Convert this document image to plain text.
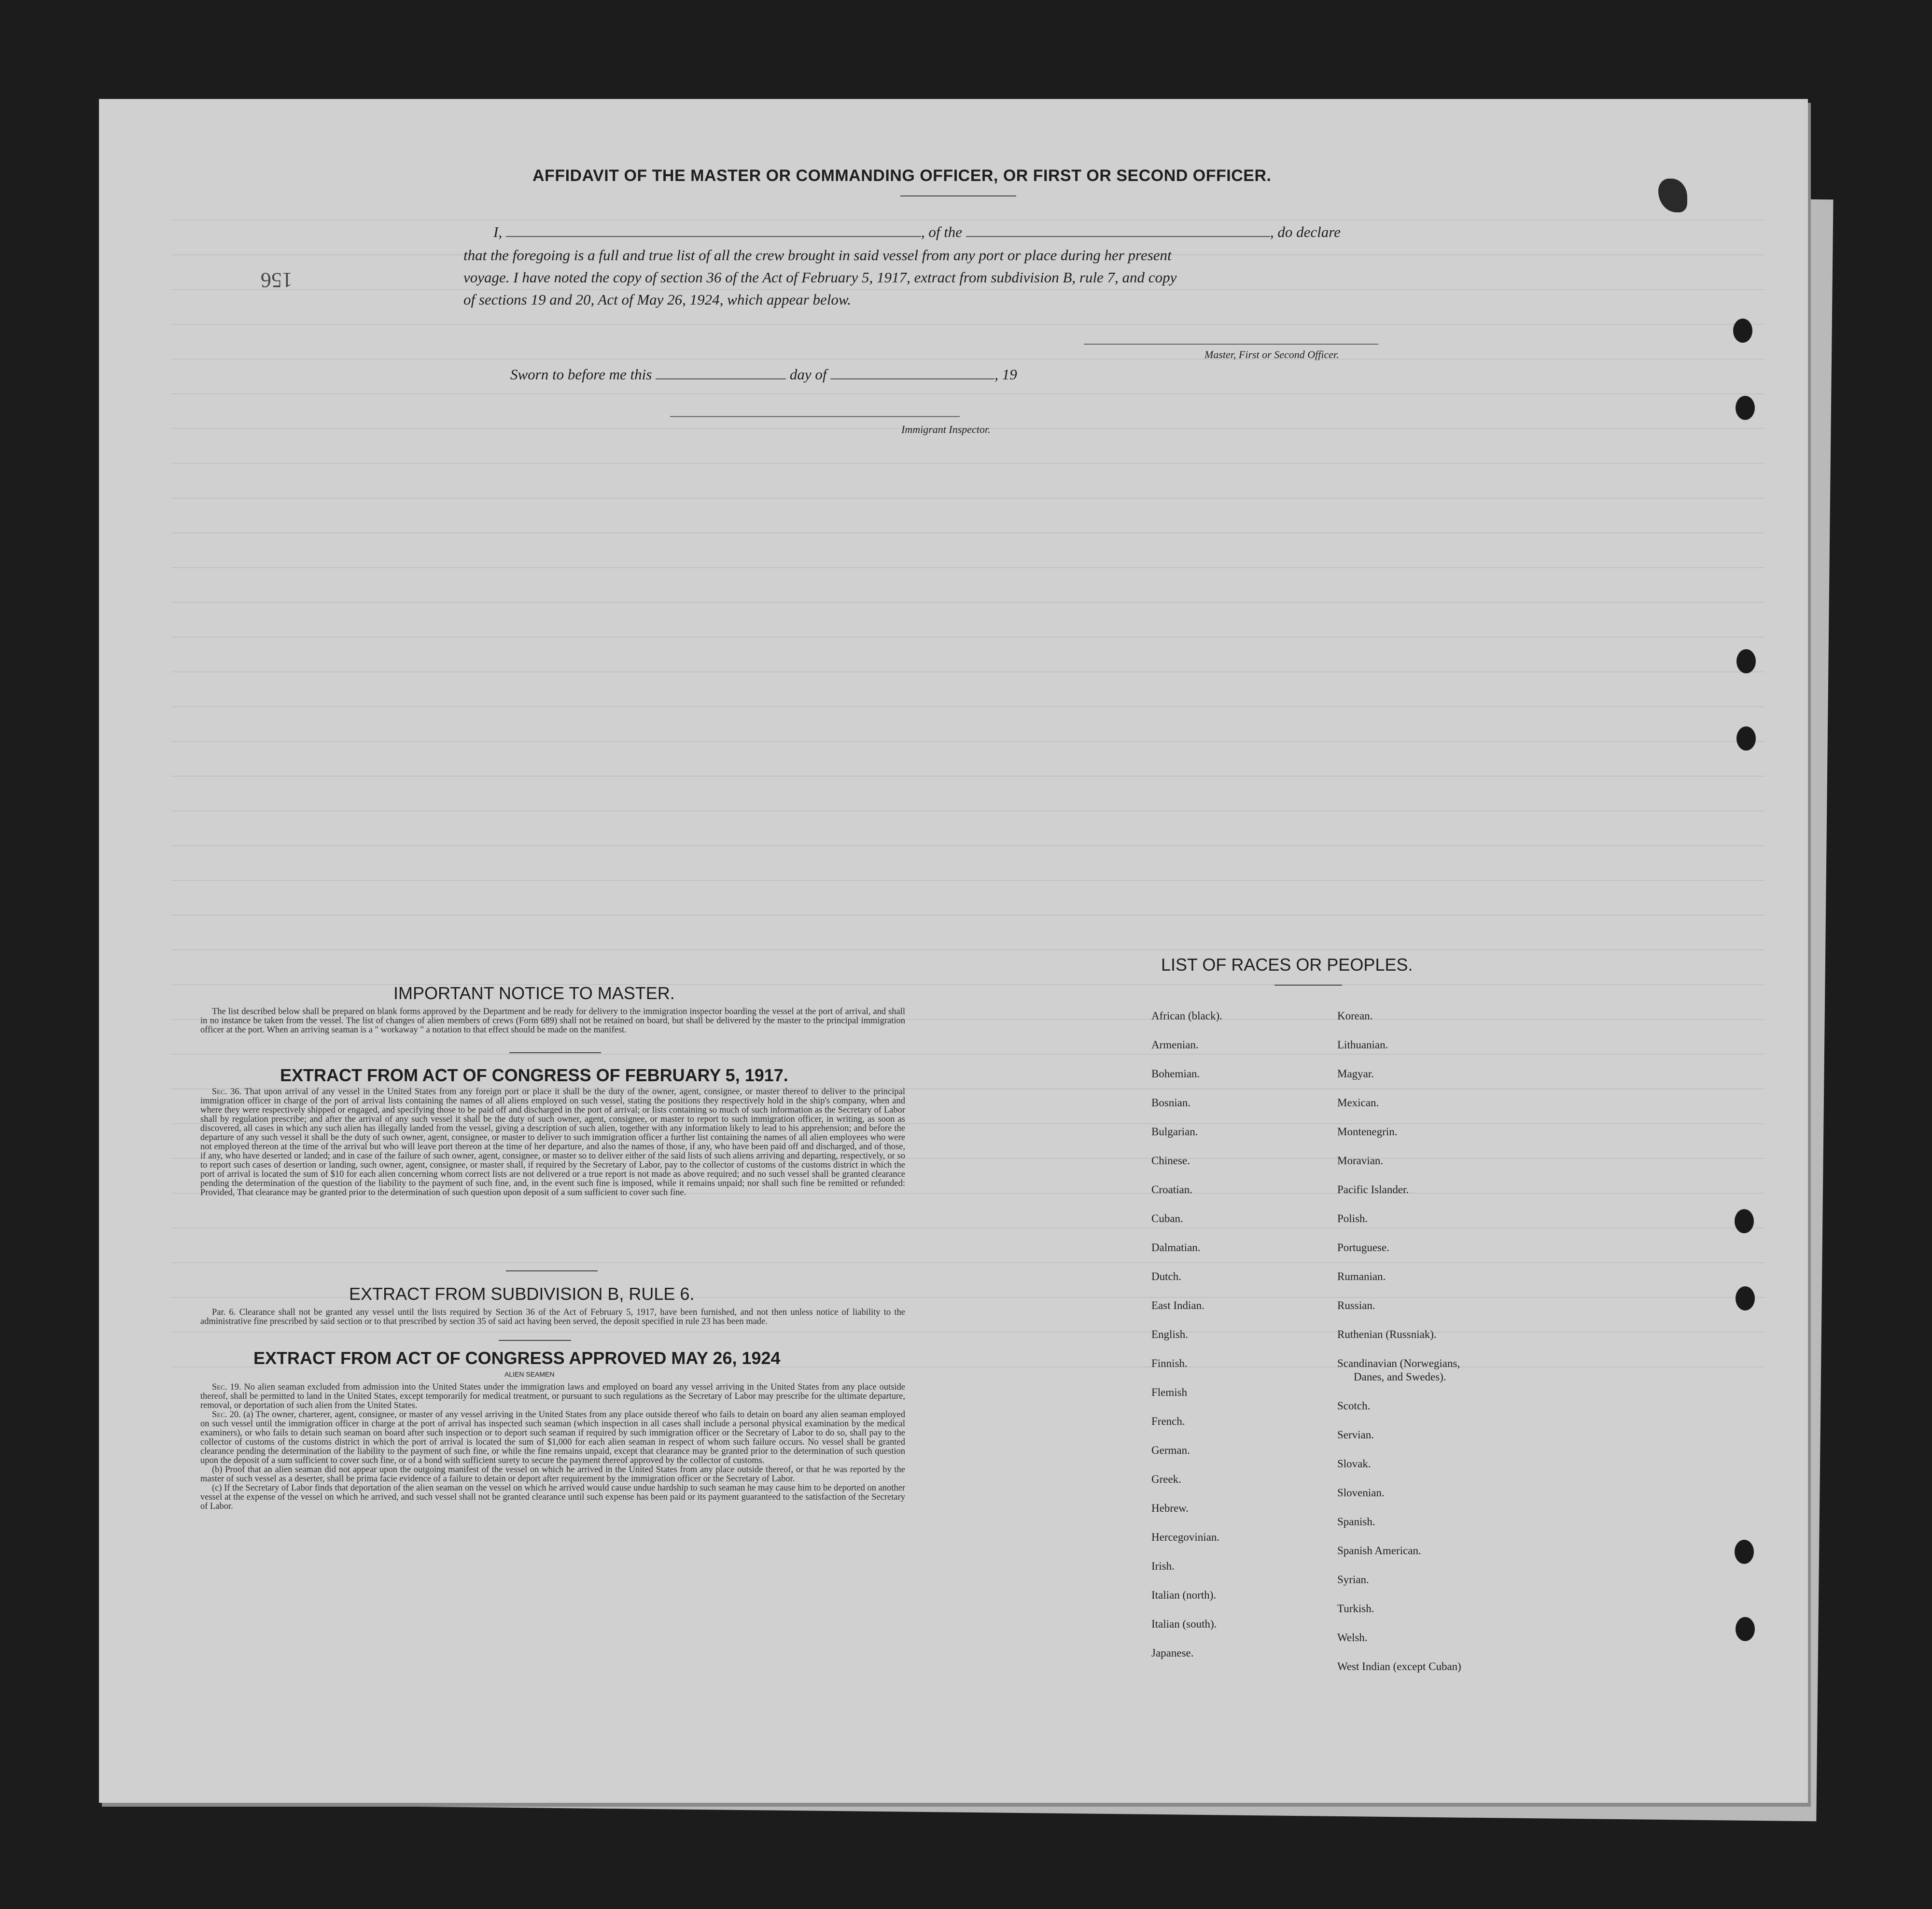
AFFIDAVIT OF THE MASTER OR COMMANDING OFFICER, OR FIRST OR SECOND OFFICER.
I,	, of the	, do declare
that the foregoing is a full and true list of all the crew brought in said vessel from any port or place during her present
voyage. I have noted the copy of section 36 of the Act of February 5, 1917, extract from subdivision B, rule 7, and copy
of sections 19 and 20, Act of May 26, 1924, which appear below.
Master, First or Second Officer.
Sworn to before me this	day of	, 19
Immigrant Inspector.
156
IMPORTANT NOTICE TO MASTER.

The list described below shall be prepared on blank forms approved by the Department and be ready for delivery to the immigration inspector boarding the vessel at the port of arrival, and shall in no instance be taken from the vessel. The list of changes of alien members of crews (Form 689) shall not be retained on board, but shall be delivered by the master to the principal immigration officer at the port. When an arriving seaman is a " workaway " a notation to that effect should be made on the manifest.

EXTRACT FROM ACT OF CONGRESS OF FEBRUARY 5, 1917.

Sec. 36. That upon arrival of any vessel in the United States from any foreign port or place it shall be the duty of the owner, agent, consignee, or master thereof to deliver to the principal immigration officer in charge of the port of arrival lists containing the names of all aliens employed on such vessel, stating the positions they respectively hold in the ship's company, when and where they were respectively shipped or engaged, and specifying those to be paid off and discharged in the port of arrival; or lists containing so much of such information as the Secretary of Labor shall by regulation prescribe; and after the arrival of any such vessel it shall be the duty of such owner, agent, consignee, or master to report to such immigration officer, in writing, as soon as discovered, all cases in which any such alien has illegally landed from the vessel, giving a description of such alien, together with any information likely to lead to his apprehension; and before the departure of any such vessel it shall be the duty of such owner, agent, consignee, or master to deliver to such immigration officer a further list containing the names of all alien employees who were not employed thereon at the time of the arrival but who will leave port thereon at the time of her departure, and also the names of those, if any, who have been paid off and discharged, and of those, if any, who have deserted or landed; and in case of the failure of such owner, agent, consignee, or master so to deliver either of the said lists of such aliens arriving and departing, respectively, or so to report such cases of desertion or landing, such owner, agent, consignee, or master shall, if required by the Secretary of Labor, pay to the collector of customs of the customs district in which the port of arrival is located the sum of $10 for each alien concerning whom correct lists are not delivered or a true report is not made as above required; and no such vessel shall be granted clearance pending the determination of the question of the liability to the payment of such fine, and, in the event such fine is imposed, while it remains unpaid; nor shall such fine be remitted or refunded: Provided, That clearance may be granted prior to the determination of such question upon deposit of a sum sufficient to cover such fine.

EXTRACT FROM SUBDIVISION B, RULE 6.

Par. 6. Clearance shall not be granted any vessel until the lists required by Section 36 of the Act of February 5, 1917, have been furnished, and not then unless notice of liability to the administrative fine prescribed by said section or to that prescribed by section 35 of said act having been served, the deposit specified in rule 23 has been made.

EXTRACT FROM ACT OF CONGRESS APPROVED MAY 26, 1924
ALIEN SEAMEN

Sec. 19. No alien seaman excluded from admission into the United States under the immigration laws and employed on board any vessel arriving in the United States from any place outside thereof, shall be permitted to land in the United States, except temporarily for medical treatment, or pursuant to such regulations as the Secretary of Labor may prescribe for the ultimate departure, removal, or deportation of such alien from the United States.

Sec. 20. (a) The owner, charterer, agent, consignee, or master of any vessel arriving in the United States from any place outside thereof who fails to detain on board any alien seaman employed on such vessel until the immigration officer in charge at the port of arrival has inspected such seaman (which inspection in all cases shall include a personal physical examination by the medical examiners), or who fails to detain such seaman on board after such inspection or to deport such seaman if required by such immigration officer or the Secretary of Labor to do so, shall pay to the collector of customs of the customs district in which the port of arrival is located the sum of $1,000 for each alien seaman in respect of whom such failure occurs. No vessel shall be granted clearance pending the determination of the liability to the payment of such fine, or while the fine remains unpaid, except that clearance may be granted prior to the determination of such question upon the deposit of a sum sufficient to cover such fine, or of a bond with sufficient surety to secure the payment thereof approved by the collector of customs.

(b) Proof that an alien seaman did not appear upon the outgoing manifest of the vessel on which he arrived in the United States from any place outside thereof, or that he was reported by the master of such vessel as a deserter, shall be prima facie evidence of a failure to detain or deport after requirement by the immigration officer or the Secretary of Labor.

(c) If the Secretary of Labor finds that deportation of the alien seaman on the vessel on which he arrived would cause undue hardship to such seaman he may cause him to be deported on another vessel at the expense of the vessel on which he arrived, and such vessel shall not be granted clearance until such expense has been paid or its payment guaranteed to the satisfaction of the Secretary of Labor.

LIST OF RACES OR PEOPLES.
African (black).
Armenian.
Bohemian.
Bosnian.
Bulgarian.
Chinese.
Croatian.
Cuban.
Dalmatian.
Dutch.
East Indian.
English.
Finnish.
Flemish
French.
German.
Greek.
Hebrew.
Hercegovinian.
Irish.
Italian (north).
Italian (south).
Japanese.
Korean.
Lithuanian.
Magyar.
Mexican.
Montenegrin.
Moravian.
Pacific Islander.
Polish.
Portuguese.
Rumanian.
Russian.
Ruthenian (Russniak).
Scandinavian (Norwegians,
Danes, and Swedes).
Scotch.
Servian.
Slovak.
Slovenian.
Spanish.
Spanish American.
Syrian.
Turkish.
Welsh.
West Indian (except Cuban)
